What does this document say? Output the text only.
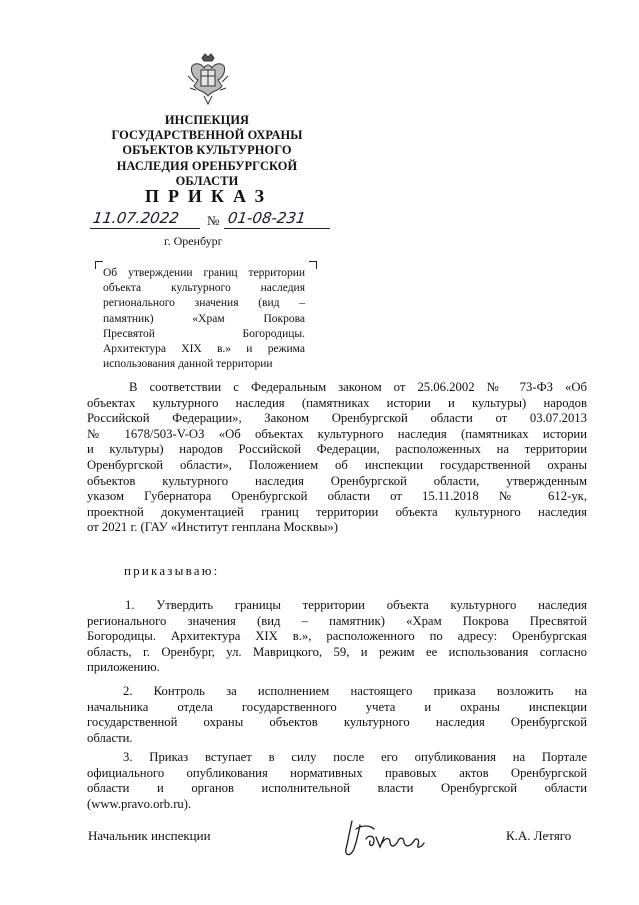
ИНСПЕКЦИЯ
ГОСУДАРСТВЕННОЙ ОХРАНЫ
ОБЪЕКТОВ КУЛЬТУРНОГО
НАСЛЕДИЯ ОРЕНБУРГСКОЙ
ОБЛАСТИ
ПРИКАЗ
11.07.2022 № 01-08-231
г. Оренбург
Об утверждении границ территории
объекта культурного наследия
регионального значения (вид –
памятник) «Храм Покрова
Пресвятой Богородицы.
Архитектура XIX в.» и режима
использования данной территории
В соответствии с Федеральным законом от 25.06.2002 № 73-ФЗ «Об
объектах культурного наследия (памятниках истории и культуры) народов
Российской Федерации», Законом Оренбургской области от 03.07.2013
№ 1678/503-V-ОЗ «Об объектах культурного наследия (памятниках истории
и культуры) народов Российской Федерации, расположенных на территории
Оренбургской области», Положением об инспекции государственной охраны
объектов культурного наследия Оренбургской области, утвержденным
указом Губернатора Оренбургской области от 15.11.2018 № 612-ук,
проектной документацией границ территории объекта культурного наследия
от 2021 г. (ГАУ «Институт генплана Москвы»)
приказываю:
1. Утвердить границы территории объекта культурного наследия
регионального значения (вид – памятник) «Храм Покрова Пресвятой
Богородицы. Архитектура XIX в.», расположенного по адресу: Оренбургская
область, г. Оренбург, ул. Маврицкого, 59, и режим ее использования согласно
приложению.
2. Контроль за исполнением настоящего приказа возложить на
начальника отдела государственного учета и охраны инспекции
государственной охраны объектов культурного наследия Оренбургской
области.
3. Приказ вступает в силу после его опубликования на Портале
официального опубликования нормативных правовых актов Оренбургской
области и органов исполнительной власти Оренбургской области
(www.pravo.orb.ru).
Начальник инспекции	К.А. Летяго
